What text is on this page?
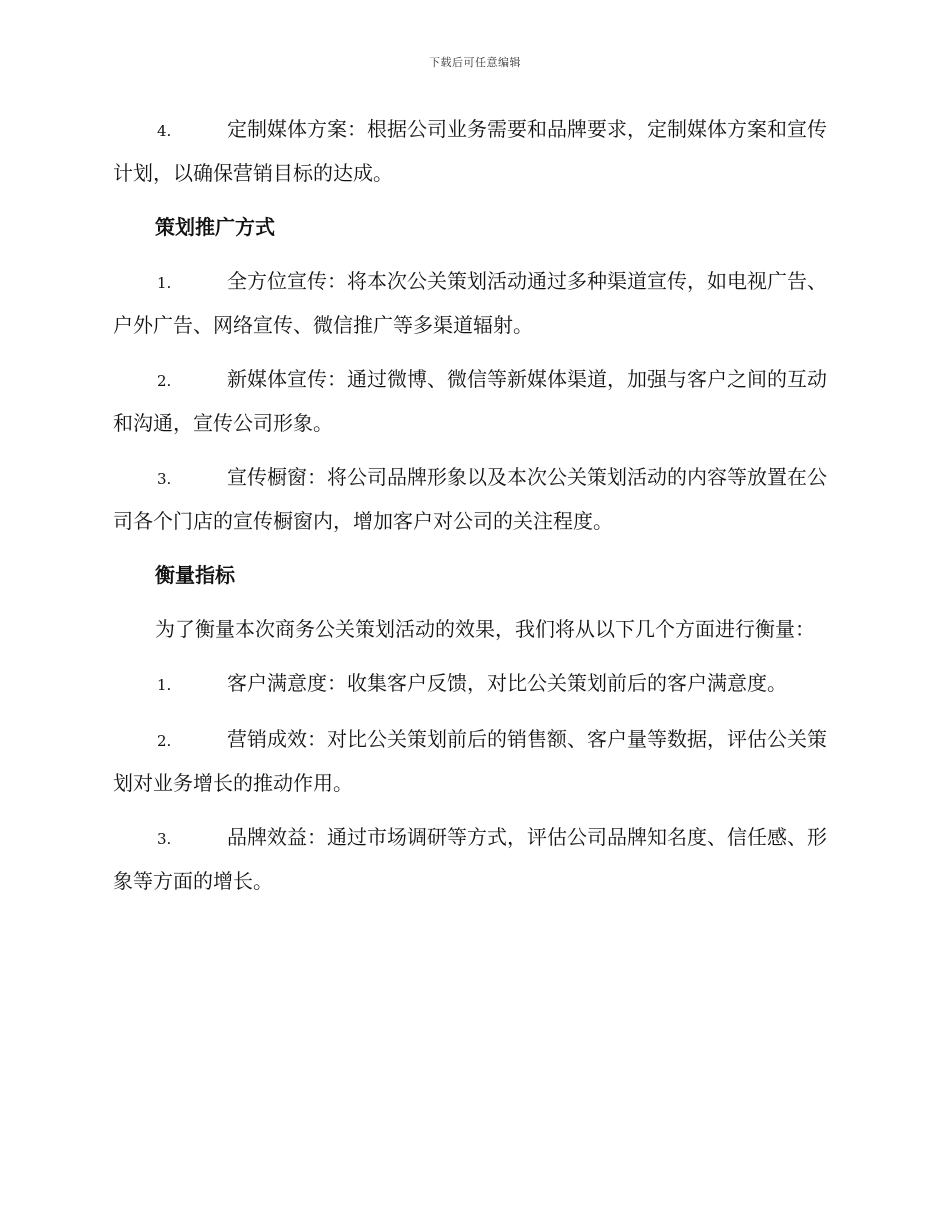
下载后可任意编辑

4.	定制媒体方案：根据公司业务需要和品牌要求，定制媒体方案和宣传计划，以确保营销目标的达成。

策划推广方式

1.	全方位宣传：将本次公关策划活动通过多种渠道宣传，如电视广告、户外广告、网络宣传、微信推广等多渠道辐射。

2.	新媒体宣传：通过微博、微信等新媒体渠道，加强与客户之间的互动和沟通，宣传公司形象。

3.	宣传橱窗：将公司品牌形象以及本次公关策划活动的内容等放置在公司各个门店的宣传橱窗内，增加客户对公司的关注程度。

衡量指标

为了衡量本次商务公关策划活动的效果，我们将从以下几个方面进行衡量：

1.	客户满意度：收集客户反馈，对比公关策划前后的客户满意度。

2.	营销成效：对比公关策划前后的销售额、客户量等数据，评估公关策划对业务增长的推动作用。

3.	品牌效益：通过市场调研等方式，评估公司品牌知名度、信任感、形象等方面的增长。
